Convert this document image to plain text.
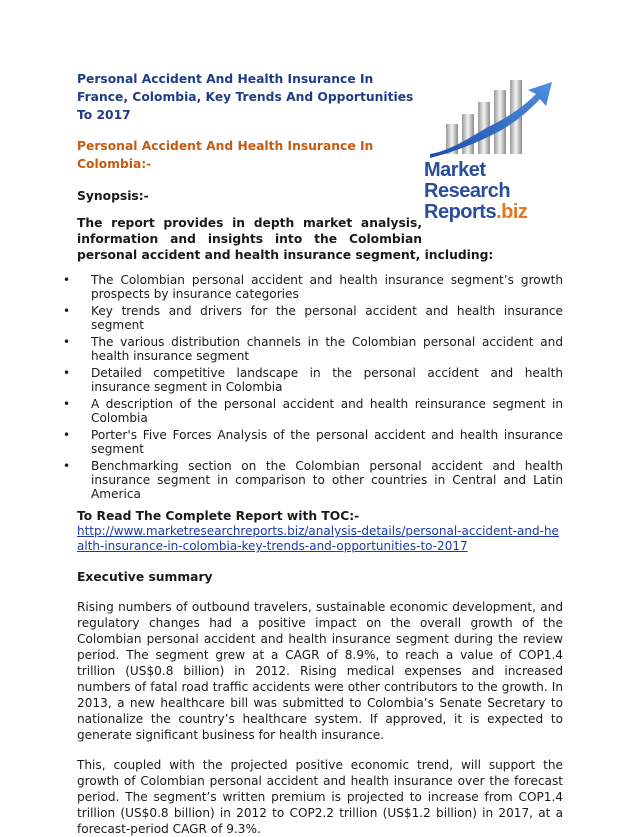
Market Research
Reports.biz
Personal Accident And Health Insurance In France, Colombia, Key Trends And Opportunities To 2017
Personal Accident And Health Insurance In Colombia:-
Synopsis:-
The report provides in depth market analysis,
information and insights into the Colombian
personal accident and health insurance segment, including:
• The Colombian personal accident and health insurance segment’s growth prospects by insurance categories
• Key trends and drivers for the personal accident and health insurance segment
• The various distribution channels in the Colombian personal accident and health insurance segment
• Detailed competitive landscape in the personal accident and health insurance segment in Colombia
• A description of the personal accident and health reinsurance segment in Colombia
• Porter's Five Forces Analysis of the personal accident and health insurance segment
• Benchmarking section on the Colombian personal accident and health insurance segment in comparison to other countries in Central and Latin America
To Read The Complete Report with TOC:-
http://www.marketresearchreports.biz/analysis-details/personal-accident-and-health-insurance-in-colombia-key-trends-and-opportunities-to-2017
Executive summary

Rising numbers of outbound travelers, sustainable economic development, and regulatory changes had a positive impact on the overall growth of the Colombian personal accident and health insurance segment during the review period. The segment grew at a CAGR of 8.9%, to reach a value of COP1.4 trillion (US$0.8 billion) in 2012. Rising medical expenses and increased numbers of fatal road traffic accidents were other contributors to the growth. In 2013, a new healthcare bill was submitted to Colombia’s Senate Secretary to nationalize the country’s healthcare system. If approved, it is expected to generate significant business for health insurance.

This, coupled with the projected positive economic trend, will support the growth of Colombian personal accident and health insurance over the forecast period. The segment’s written premium is projected to increase from COP1.4 trillion (US$0.8 billion) in 2012 to COP2.2 trillion (US$1.2 billion) in 2017, at a forecast-period CAGR of 9.3%.
